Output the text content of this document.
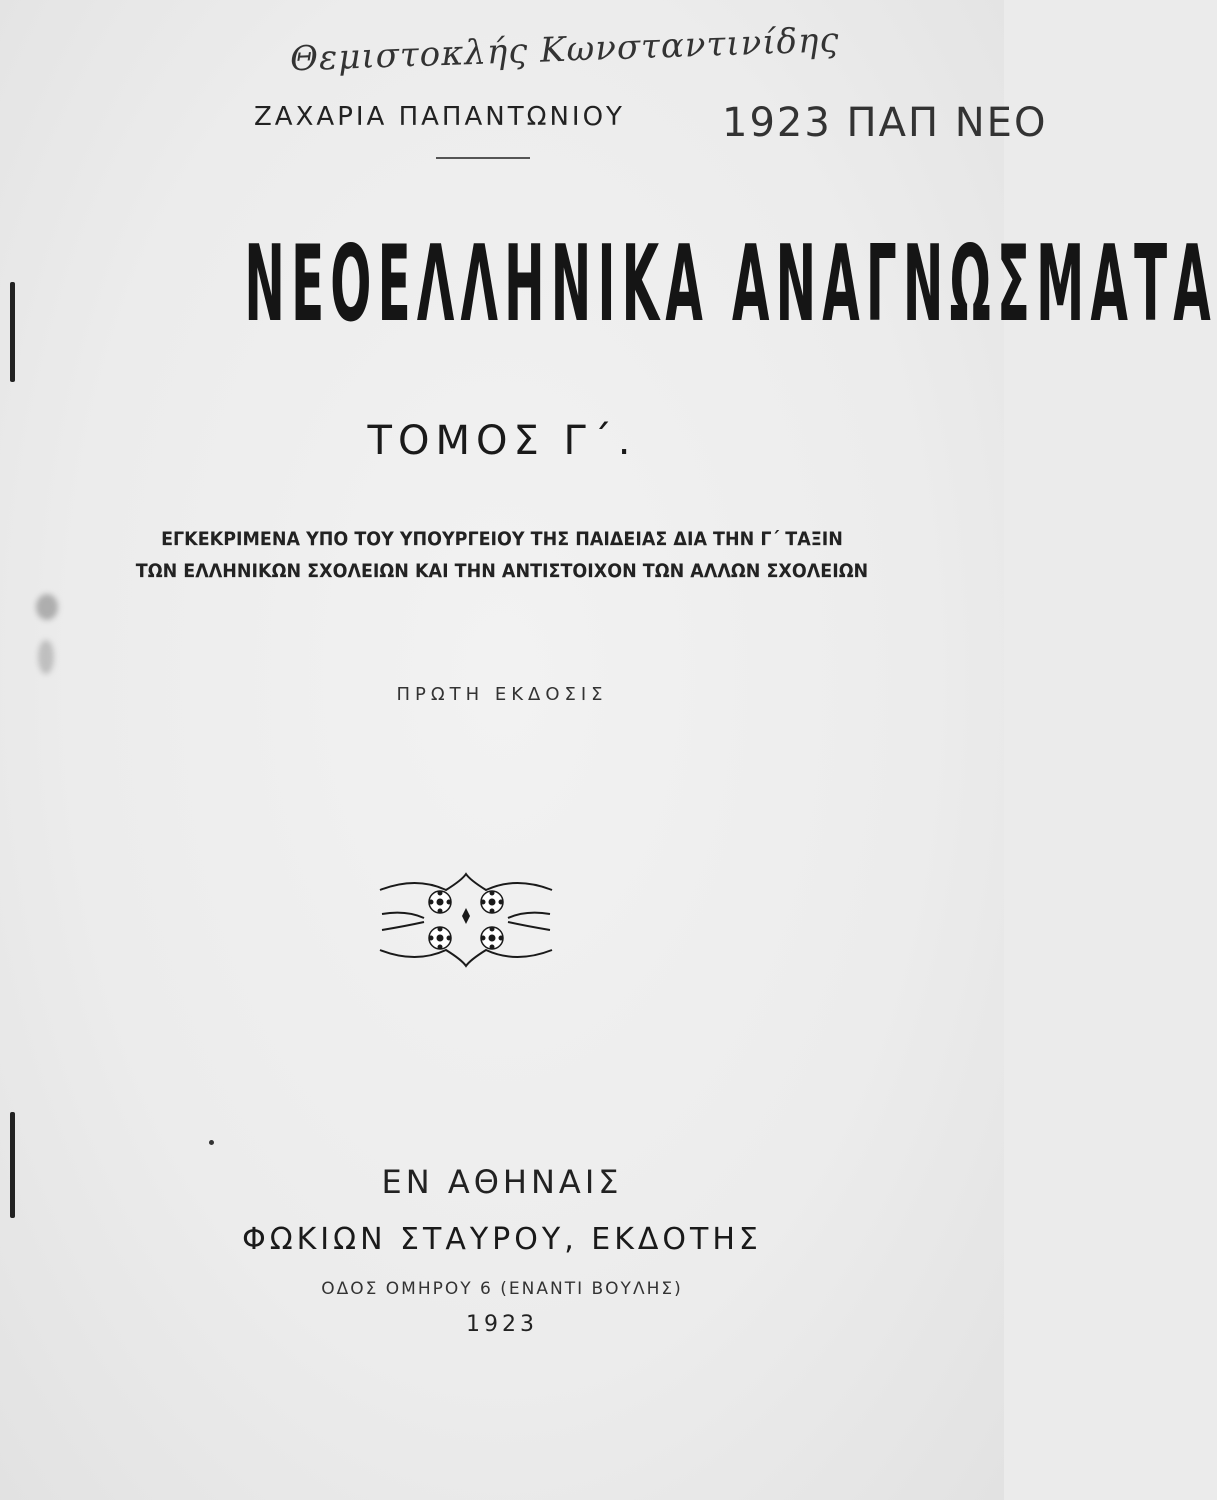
Θεμιστοκλής Κωνσταντινίδης
1923 ΠΑΠ ΝΕΟ
ΖΑΧΑΡΙΑ ΠΑΠΑΝΤΩΝΙΟΥ
ΝΕΟΕΛΛΗΝΙΚΑ ΑΝΑΓΝΩΣΜΑΤΑ
ΤΟΜΟΣ Γ΄.
ΕΓΚΕΚΡΙΜΕΝΑ ΥΠΟ ΤΟΥ ΥΠΟΥΡΓΕΙΟΥ ΤΗΣ ΠΑΙΔΕΙΑΣ ΔΙΑ ΤΗΝ Γ΄ ΤΑΞΙΝ
ΤΩΝ ΕΛΛΗΝΙΚΩΝ ΣΧΟΛΕΙΩΝ ΚΑΙ ΤΗΝ ΑΝΤΙΣΤΟΙΧΟΝ ΤΩΝ ΑΛΛΩΝ ΣΧΟΛΕΙΩΝ
ΠΡΩΤΗ ΕΚΔΟΣΙΣ
ΕΝ ΑΘΗΝΑΙΣ
ΦΩΚΙΩΝ ΣΤΑΥΡΟΥ, ΕΚΔΟΤΗΣ
ΟΔΟΣ ΟΜΗΡΟΥ 6 (ΕΝΑΝΤΙ ΒΟΥΛΗΣ)
1923
